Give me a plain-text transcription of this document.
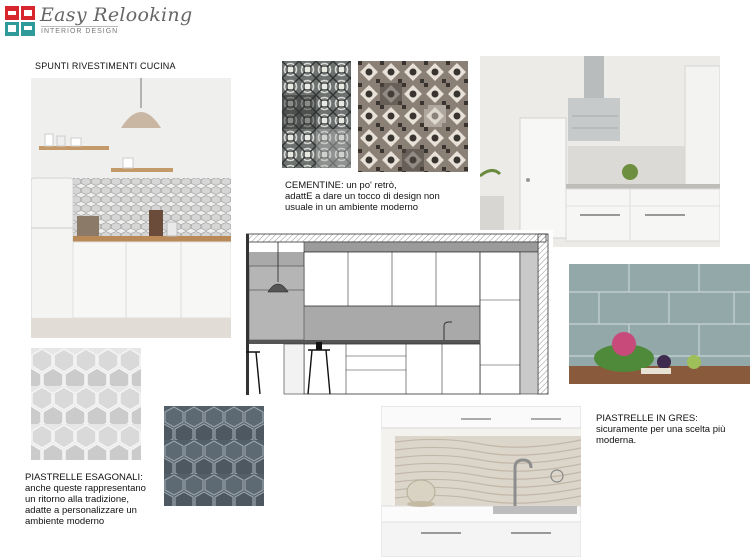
Easy Relooking
INTERIOR DESIGN
SPUNTI RIVESTIMENTI CUCINA
CEMENTINE: un po' retrò,
adattE a dare un tocco di design non
usuale in un ambiente moderno
PIASTRELLE IN GRES:
sicuramente per una scelta più
moderna.
PIASTRELLE ESAGONALI:
anche queste rappresentano
un ritorno alla tradizione,
adatte a personalizzare un
ambiente moderno
